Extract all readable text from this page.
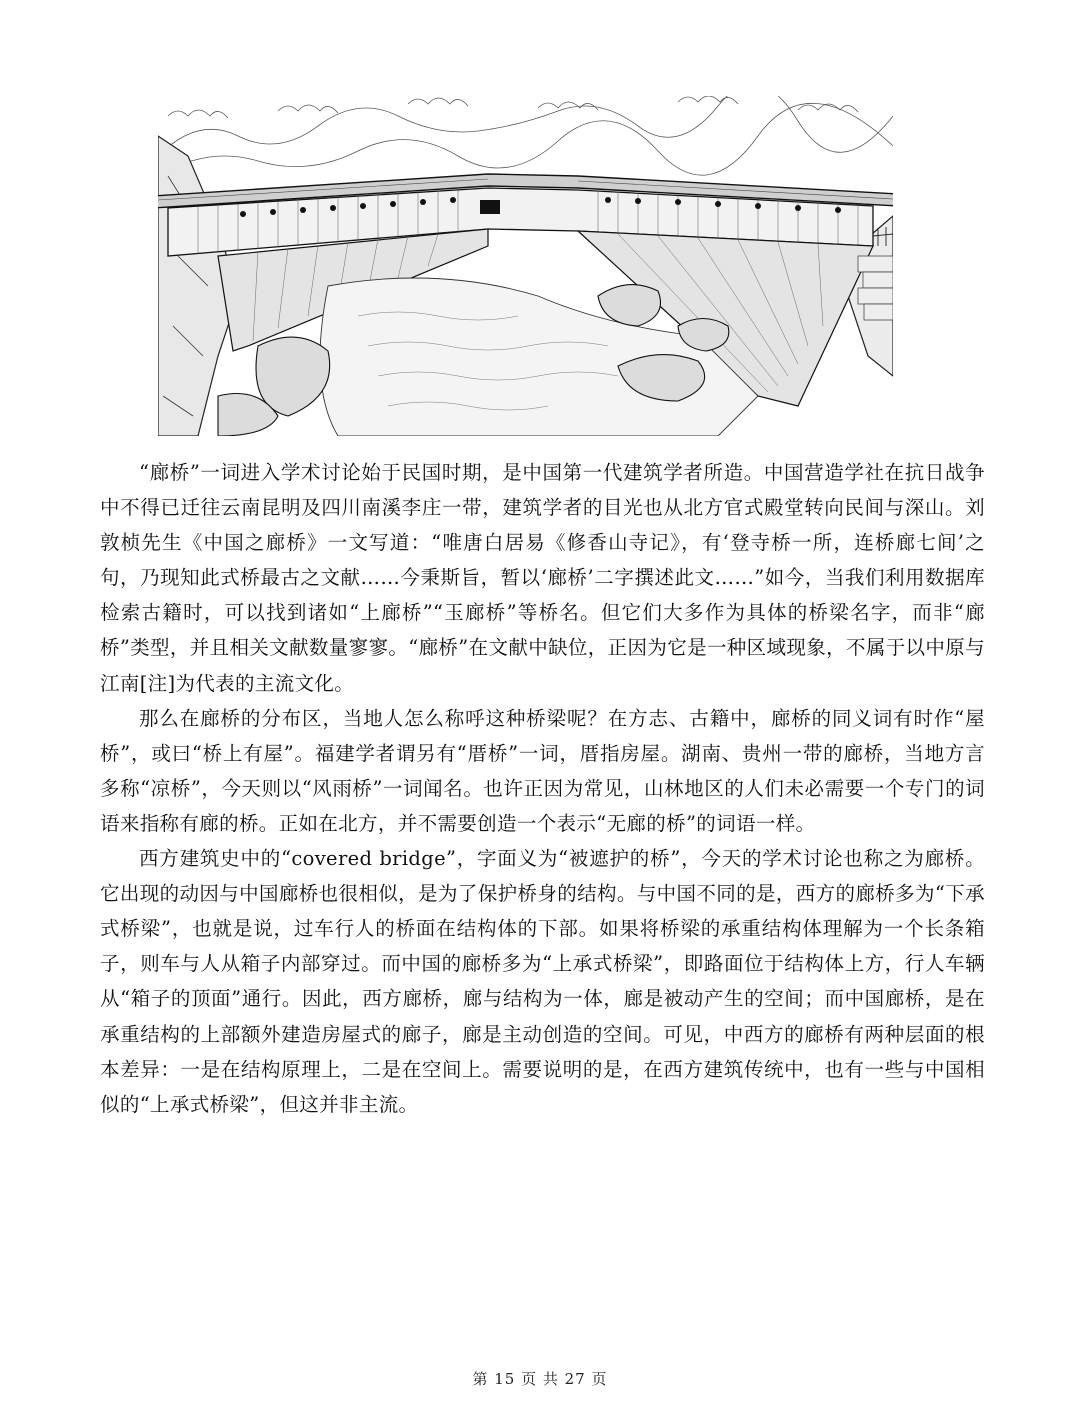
“廊桥”一词进入学术讨论始于民国时期，是中国第一代建筑学者所造。中国营造学社在抗日战争中不得已迁往云南昆明及四川南溪李庄一带，建筑学者的目光也从北方官式殿堂转向民间与深山。刘敦桢先生《中国之廊桥》一文写道：“唯唐白居易《修香山寺记》，有‘登寺桥一所，连桥廊七间’之句，乃现知此式桥最古之文献……今秉斯旨，暂以‘廊桥’二字撰述此文……”如今，当我们利用数据库检索古籍时，可以找到诸如“上廊桥”“玉廊桥”等桥名。但它们大多作为具体的桥梁名字，而非“廊桥”类型，并且相关文献数量寥寥。“廊桥”在文献中缺位，正因为它是一种区域现象，不属于以中原与江南[注]为代表的主流文化。

那么在廊桥的分布区，当地人怎么称呼这种桥梁呢？在方志、古籍中，廊桥的同义词有时作“屋桥”，或曰“桥上有屋”。福建学者谓另有“厝桥”一词，厝指房屋。湖南、贵州一带的廊桥，当地方言多称“凉桥”，今天则以“风雨桥”一词闻名。也许正因为常见，山林地区的人们未必需要一个专门的词语来指称有廊的桥。正如在北方，并不需要创造一个表示“无廊的桥”的词语一样。

西方建筑史中的“covered bridge”，字面义为“被遮护的桥”，今天的学术讨论也称之为廊桥。它出现的动因与中国廊桥也很相似，是为了保护桥身的结构。与中国不同的是，西方的廊桥多为“下承式桥梁”，也就是说，过车行人的桥面在结构体的下部。如果将桥梁的承重结构体理解为一个长条箱子，则车与人从箱子内部穿过。而中国的廊桥多为“上承式桥梁”，即路面位于结构体上方，行人车辆从“箱子的顶面”通行。因此，西方廊桥，廊与结构为一体，廊是被动产生的空间；而中国廊桥，是在承重结构的上部额外建造房屋式的廊子，廊是主动创造的空间。可见，中西方的廊桥有两种层面的根本差异：一是在结构原理上，二是在空间上。需要说明的是，在西方建筑传统中，也有一些与中国相似的“上承式桥梁”，但这并非主流。

第 15 页 共 27 页
